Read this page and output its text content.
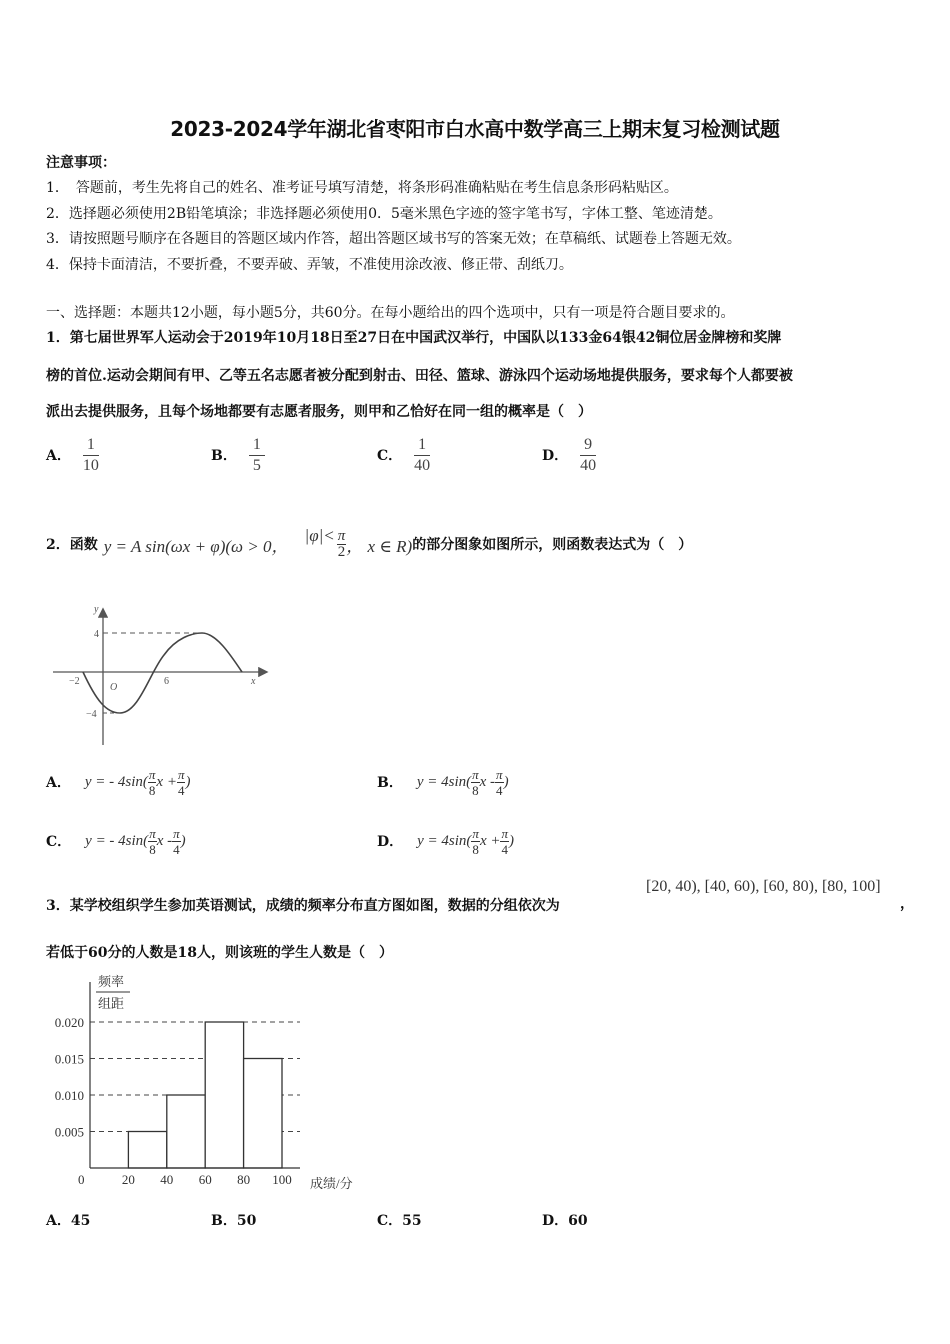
2023-2024学年湖北省枣阳市白水高中数学高三上期末复习检测试题
注意事项：
1．　答题前，考生先将自己的姓名、准考证号填写清楚，将条形码准确粘贴在考生信息条形码粘贴区。
2．选择题必须使用2B铅笔填涂；非选择题必须使用0．5毫米黑色字迹的签字笔书写，字体工整、笔迹清楚。
3．请按照题号顺序在各题目的答题区域内作答，超出答题区域书写的答案无效；在草稿纸、试题卷上答题无效。
4．保持卡面清洁，不要折叠，不要弄破、弄皱，不准使用涂改液、修正带、刮纸刀。
一、选择题：本题共12小题，每小题5分，共60分。在每小题给出的四个选项中，只有一项是符合题目要求的。
1．第七届世界军人运动会于2019年10月18日至27日在中国武汉举行，中国队以133金64银42铜位居金牌榜和奖牌
榜的首位.运动会期间有甲、乙等五名志愿者被分配到射击、田径、篮球、游泳四个运动场地提供服务，要求每个人都要被
派出去提供服务，且每个场地都要有志愿者服务，则甲和乙恰好在同一组的概率是（　）
A． $\frac{1}{10}$	B． $\frac{1}{5}$	C． $\frac{1}{40}$	D． $\frac{9}{40}$
2．函数 y = A sin(ωx + φ)(ω > 0，
$|\varphi|< \frac{\pi}{2}$ ， x ∈ R) 的部分图象如图所示，则函数表达式为（　）
y
x
O
4
−4
−2	6
A． y = - $4\sin( \frac{\pi}{8}$ $x + \frac{\pi}{4}$ )	B． $y = 4\sin( \frac{\pi}{8}$ x - $\frac{\pi}{4}$ )
C． y = - $4\sin( \frac{\pi}{8}$ x - $\frac{\pi}{4}$ )	D． $y = 4\sin( \frac{\pi}{8}$ $x + \frac{\pi}{4}$ )
3．某学校组织学生参加英语测试，成绩的频率分布直方图如图，数据的分组依次为
[20, 40), [40, 60), [60, 80), [80, 100]
，
若低于60分的人数是18人，则该班的学生人数是（　）
0.005
0.010
0.015
0.020
20 40 60 80 100
频率
组距
成绩/分
0
A．45	B．50	C．55	D．60
